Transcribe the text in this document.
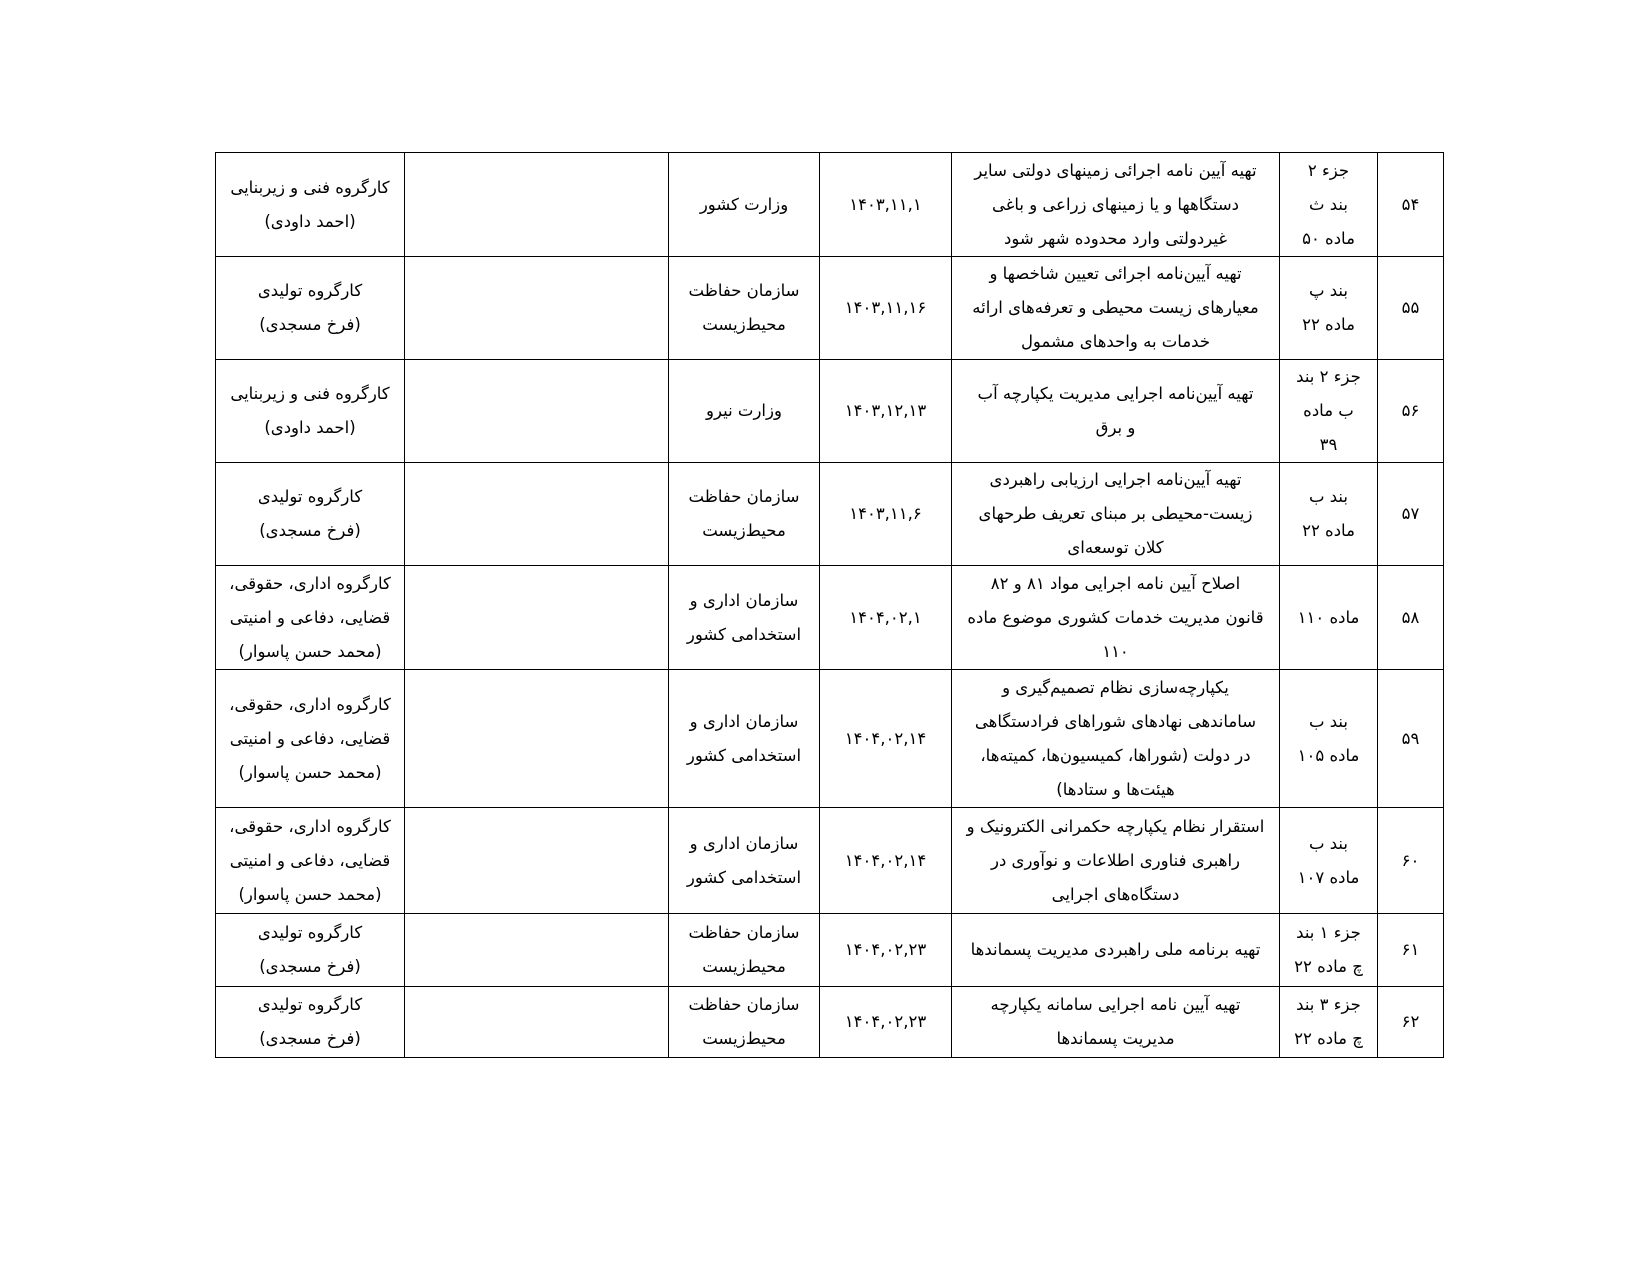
۵۴	جزء ۲
بند ث
ماده ۵۰	تهیه آیین نامه اجرائی زمینهای دولتی سایر
دستگاهها و یا زمینهای زراعی و باغی
غیردولتی وارد محدوده شهر شود	۱۴۰۳,۱۱,۱	وزارت کشور		کارگروه فنی و زیربنایی
(احمد داودی)
۵۵	بند پ
ماده ۲۲	تهیه آیین‌نامه اجرائی تعیین شاخصها و
معیارهای زیست محیطی و تعرفه‌های ارائه
خدمات به واحدهای مشمول	۱۴۰۳,۱۱,۱۶	سازمان حفاظت
محیط‌زیست		کارگروه تولیدی
(فرخ مسجدی)
۵۶	جزء ۲ بند
ب ماده
۳۹	تهیه آیین‌نامه اجرایی مدیریت یکپارچه آب
و برق	۱۴۰۳,۱۲,۱۳	وزارت نیرو		کارگروه فنی و زیربنایی
(احمد داودی)
۵۷	بند ب
ماده ۲۲	تهیه آیین‌نامه اجرایی ارزیابی راهبردی
زیست-محیطی بر مبنای تعریف طرحهای
کلان توسعه‌ای	۱۴۰۳,۱۱,۶	سازمان حفاظت
محیط‌زیست		کارگروه تولیدی
(فرخ مسجدی)
۵۸	ماده ۱۱۰	اصلاح آیین نامه اجرایی مواد ۸۱ و ۸۲
قانون مدیریت خدمات کشوری موضوع ماده
۱۱۰	۱۴۰۴,۰۲,۱	سازمان اداری و
استخدامی کشور		کارگروه اداری، حقوقی،
قضایی، دفاعی و امنیتی
(محمد حسن پاسوار)
۵۹	بند ب
ماده ۱۰۵	یکپارچه‌سازی نظام تصمیم‌گیری و
ساماندهی نهادهای شوراهای فرادستگاهی
در دولت (شوراها، کمیسیون‌ها، کمیته‌ها،
هیئت‌ها و ستادها)	۱۴۰۴,۰۲,۱۴	سازمان اداری و
استخدامی کشور		کارگروه اداری، حقوقی،
قضایی، دفاعی و امنیتی
(محمد حسن پاسوار)
۶۰	بند ب
ماده ۱۰۷	استقرار نظام یکپارچه حکمرانی الکترونیک و
راهبری فناوری اطلاعات و نوآوری در
دستگاه‌های اجرایی	۱۴۰۴,۰۲,۱۴	سازمان اداری و
استخدامی کشور		کارگروه اداری، حقوقی،
قضایی، دفاعی و امنیتی
(محمد حسن پاسوار)
۶۱	جزء ۱ بند
چ ماده ۲۲	تهیه برنامه ملی راهبردی مدیریت پسماندها	۱۴۰۴,۰۲,۲۳	سازمان حفاظت
محیط‌زیست		کارگروه تولیدی
(فرخ مسجدی)
۶۲	جزء ۳ بند
چ ماده ۲۲	تهیه آیین نامه اجرایی سامانه یکپارچه
مدیریت پسماندها	۱۴۰۴,۰۲,۲۳	سازمان حفاظت
محیط‌زیست		کارگروه تولیدی
(فرخ مسجدی)
